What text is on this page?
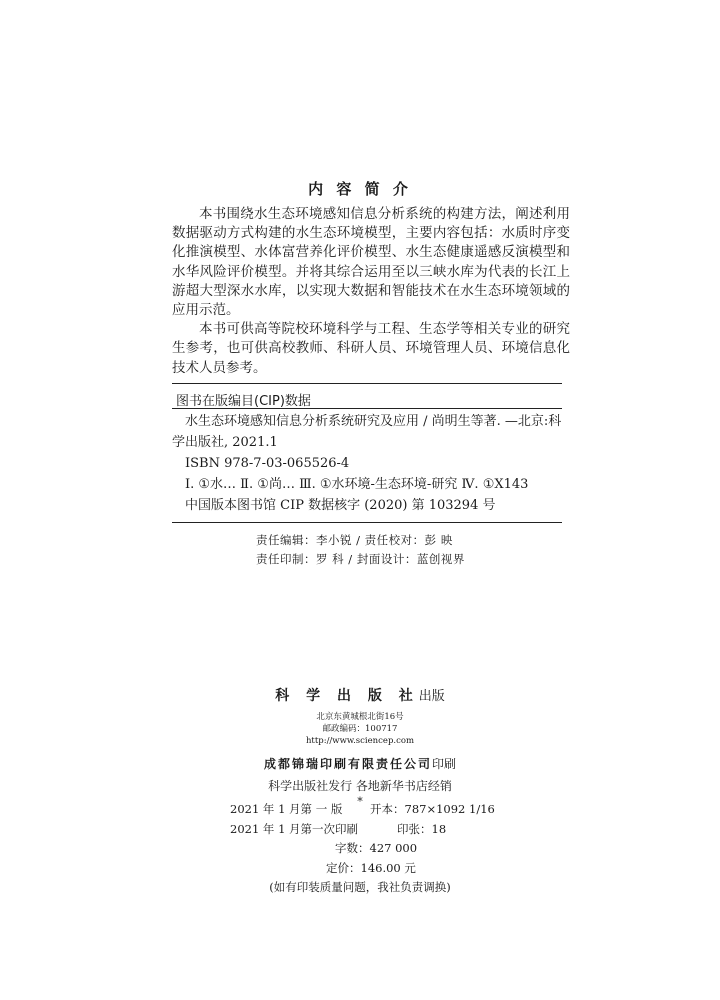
内 容 简 介

本书围绕水生态环境感知信息分析系统的构建方法，阐述利用数据驱动方式构建的水生态环境模型，主要内容包括：水质时序变化推演模型、水体富营养化评价模型、水生态健康遥感反演模型和水华风险评价模型。并将其综合运用至以三峡水库为代表的长江上游超大型深水水库，以实现大数据和智能技术在水生态环境领域的应用示范。

本书可供高等院校环境科学与工程、生态学等相关专业的研究生参考，也可供高校教师、科研人员、环境管理人员、环境信息化技术人员参考。

图书在版编目(CIP)数据
水生态环境感知信息分析系统研究及应用 / 尚明生等著. —北京:科
学出版社, 2021.1
ISBN 978-7-03-065526-4
Ⅰ. ①水… Ⅱ. ①尚… Ⅲ. ①水环境-生态环境-研究 Ⅳ. ①X143
中国版本图书馆 CIP 数据核字 (2020) 第 103294 号
责任编辑：李小锐 / 责任校对：彭 映
责任印制：罗 科 / 封面设计：蓝创视界
科 学 出 版 社出版
北京东黄城根北街16号
邮政编码：100717
http://www.sciencep.com
成都锦瑞印刷有限责任公司印刷
科学出版社发行 各地新华书店经销
*
2021 年 1 月第 一 版 开本：787×1092 1/16
2021 年 1 月第一次印刷	印张：18
字数：427 000
定价：146.00 元
(如有印装质量问题，我社负责调换)
